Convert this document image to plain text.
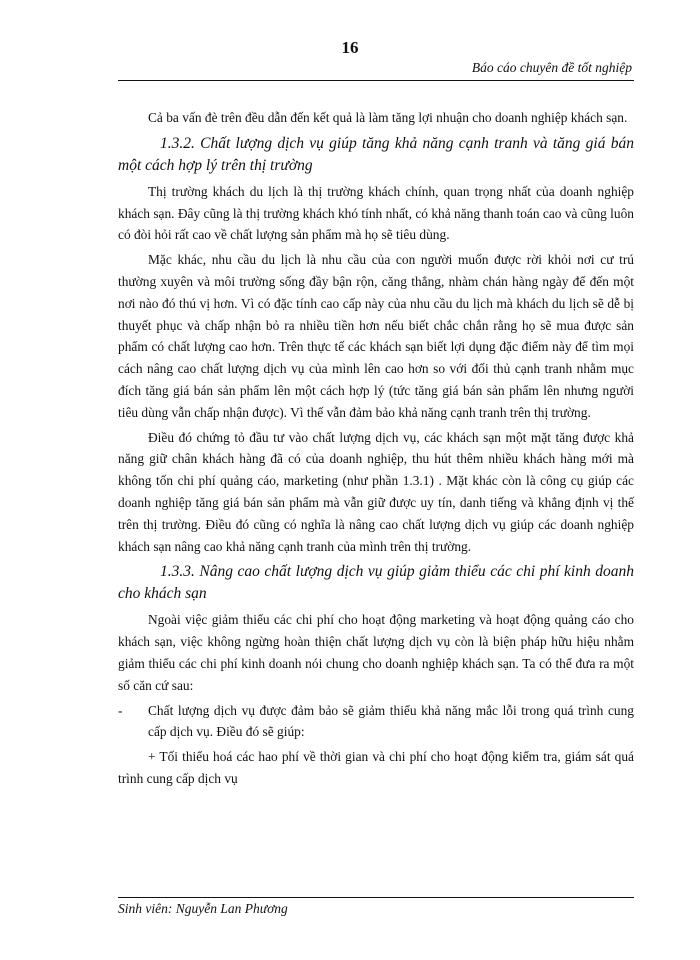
16
Báo cáo chuyên đề tốt nghiệp

Cả ba vấn đè trên đều dẫn đến kết quả là làm tăng lợi nhuận cho doanh nghiệp khách sạn.

1.3.2. Chất lượng dịch vụ giúp tăng khả năng cạnh tranh và tăng giá bán một cách hợp lý trên thị trường

Thị trường khách du lịch là thị trường khách chính, quan trọng nhất của doanh nghiệp khách sạn. Đây cũng là thị trường khách khó tính nhất, có khả năng thanh toán cao và cũng luôn có đòi hỏi rất cao về chất lượng sản phẩm mà họ sẽ tiêu dùng.

Mặc khác, nhu cầu du lịch là nhu cầu của con người muốn được rời khỏi nơi cư trú thường xuyên và môi trường sống đầy bận rộn, căng thẳng, nhàm chán hàng ngày để đến một nơi nào đó thú vị hơn. Vì có đặc tính cao cấp này của nhu cầu du lịch mà khách du lịch sẽ dễ bị thuyết phục và chấp nhận bỏ ra nhiều tiền hơn nếu biết chắc chắn rằng họ sẽ mua được sản phẩm có chất lượng cao hơn. Trên thực tế các khách sạn biết lợi dụng đặc điểm này để tìm mọi cách nâng cao chất lượng dịch vụ của mình lên cao hơn so với đối thủ cạnh tranh nhằm mục đích tăng giá bán sản phẩm lên một cách hợp lý (tức tăng giá bán sản phẩm lên nhưng người tiêu dùng vẫn chấp nhận được). Vì thế vẫn đảm bảo khả năng cạnh tranh trên thị trường.

Điều đó chứng tỏ đầu tư vào chất lượng dịch vụ, các khách sạn một mặt tăng được khả năng giữ chân khách hàng đã có của doanh nghiệp, thu hút thêm nhiều khách hàng mới mà không tốn chi phí quảng cáo, marketing (như phần 1.3.1) . Mặt khác còn là công cụ giúp các doanh nghiệp tăng giá bán sản phẩm mà vẫn giữ được uy tín, danh tiếng và khẳng định vị thế trên thị trường. Điều đó cũng có nghĩa là nâng cao chất lượng dịch vụ giúp các doanh nghiệp khách sạn nâng cao khả năng cạnh tranh của mình trên thị trường.

1.3.3. Nâng cao chất lượng dịch vụ giúp giảm thiểu các chi phí kinh doanh cho khách sạn

Ngoài việc giảm thiểu các chi phí cho hoạt động marketing và hoạt động quảng cáo cho khách sạn, việc không ngừng hoàn thiện chất lượng dịch vụ còn là biện pháp hữu hiệu nhằm giảm thiểu các chi phí kinh doanh nói chung cho doanh nghiệp khách sạn. Ta có thể đưa ra một số căn cứ sau:

-	Chất lượng dịch vụ được đảm bảo sẽ giảm thiểu khả năng mắc lỗi trong quá trình cung cấp dịch vụ. Điều đó sẽ giúp:

+ Tối thiểu hoá các hao phí về thời gian và chi phí cho hoạt động kiểm tra, giám sát quá trình cung cấp dịch vụ

Sinh viên: Nguyễn Lan Phương
